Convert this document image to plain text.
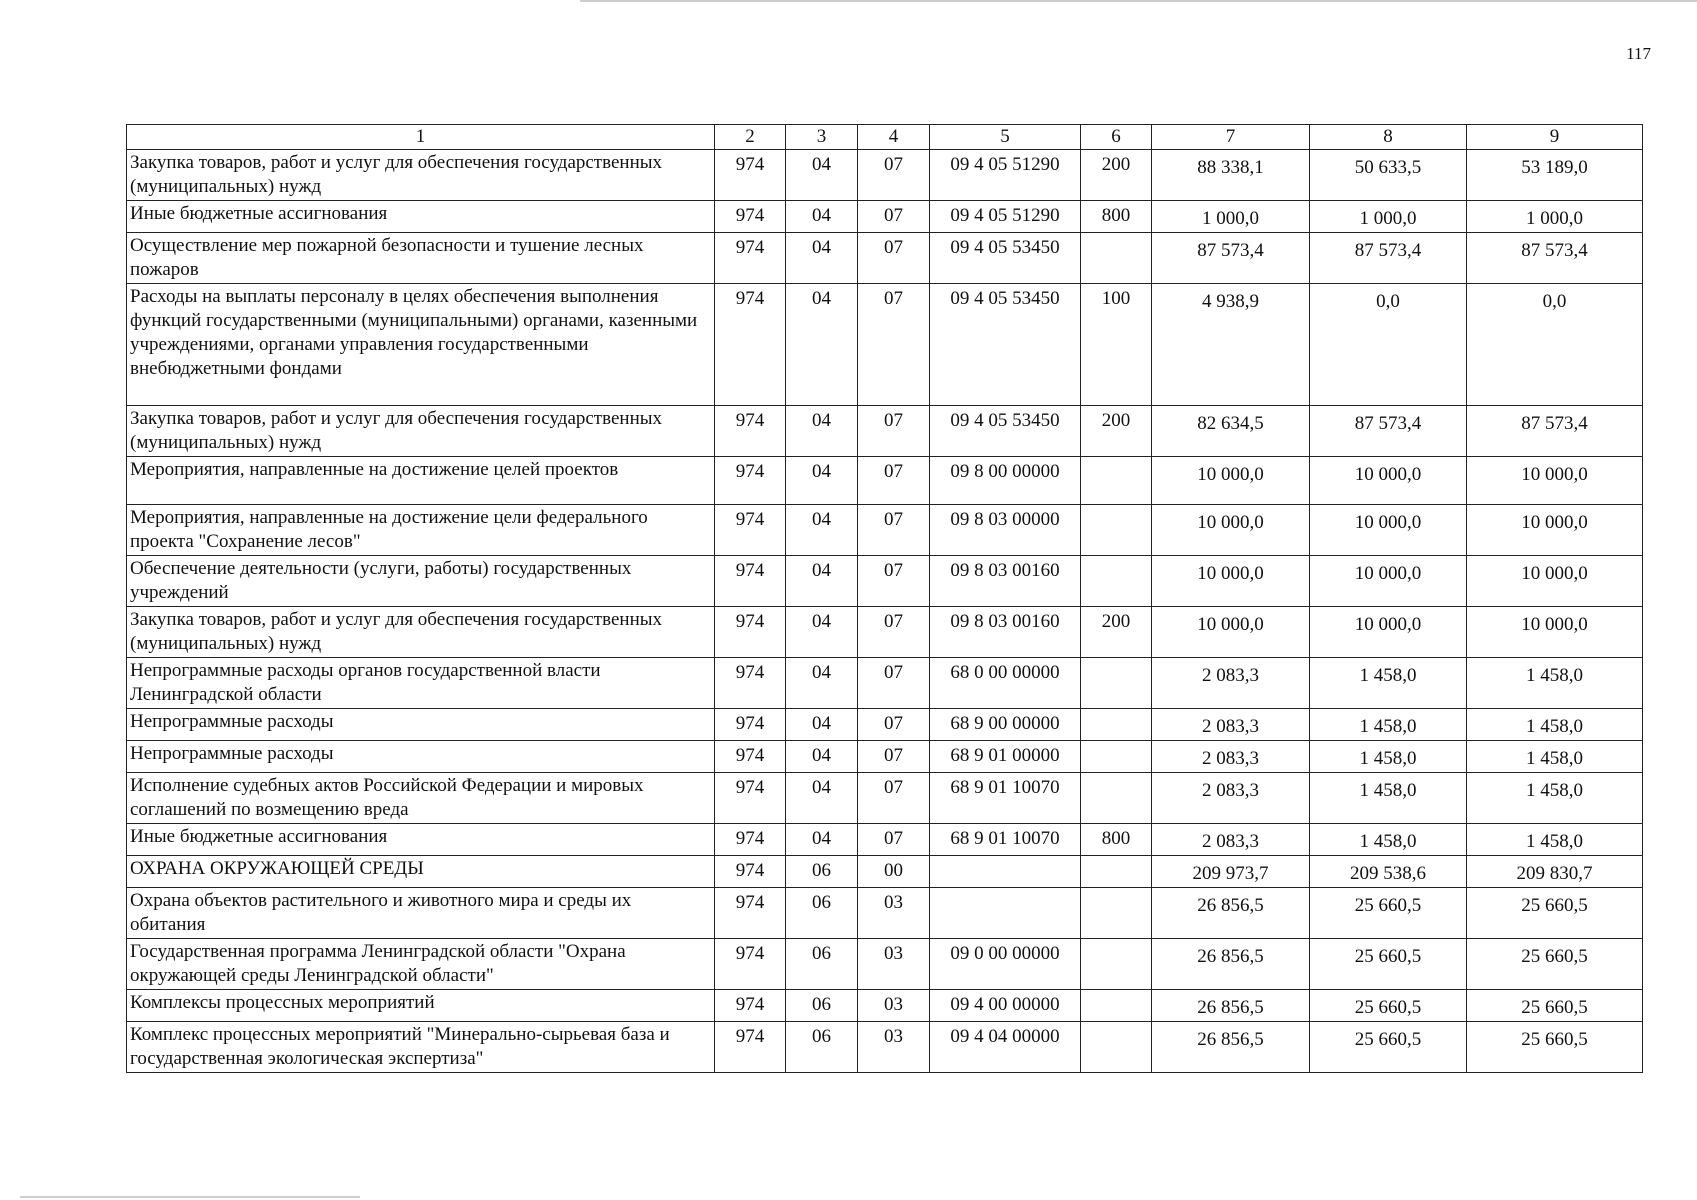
117
1	2	3	4	5	6	7	8	9
Закупка товаров, работ и услуг для обеспечения государственных (муниципальных) нужд	974	04	07	09 4 05 51290	200	88 338,1	50 633,5	53 189,0
Иные бюджетные ассигнования	974	04	07	09 4 05 51290	800	1 000,0	1 000,0	1 000,0
Осуществление мер пожарной безопасности и тушение лесных пожаров	974	04	07	09 4 05 53450		87 573,4	87 573,4	87 573,4
Расходы на выплаты персоналу в целях обеспечения выполнения функций государственными (муниципальными) органами, казенными учреждениями, органами управления государственными внебюджетными фондами	974	04	07	09 4 05 53450	100	4 938,9	0,0	0,0
Закупка товаров, работ и услуг для обеспечения государственных (муниципальных) нужд	974	04	07	09 4 05 53450	200	82 634,5	87 573,4	87 573,4
Мероприятия, направленные на достижение целей проектов	974	04	07	09 8 00 00000		10 000,0	10 000,0	10 000,0
Мероприятия, направленные на достижение цели федерального проекта "Сохранение лесов"	974	04	07	09 8 03 00000		10 000,0	10 000,0	10 000,0
Обеспечение деятельности (услуги, работы) государственных учреждений	974	04	07	09 8 03 00160		10 000,0	10 000,0	10 000,0
Закупка товаров, работ и услуг для обеспечения государственных (муниципальных) нужд	974	04	07	09 8 03 00160	200	10 000,0	10 000,0	10 000,0
Непрограммные расходы органов государственной власти Ленинградской области	974	04	07	68 0 00 00000		2 083,3	1 458,0	1 458,0
Непрограммные расходы	974	04	07	68 9 00 00000		2 083,3	1 458,0	1 458,0
Непрограммные расходы	974	04	07	68 9 01 00000		2 083,3	1 458,0	1 458,0
Исполнение судебных актов Российской Федерации и мировых соглашений по возмещению вреда	974	04	07	68 9 01 10070		2 083,3	1 458,0	1 458,0
Иные бюджетные ассигнования	974	04	07	68 9 01 10070	800	2 083,3	1 458,0	1 458,0
ОХРАНА ОКРУЖАЮЩЕЙ СРЕДЫ	974	06	00			209 973,7	209 538,6	209 830,7
Охрана объектов растительного и животного мира и среды их обитания	974	06	03			26 856,5	25 660,5	25 660,5
Государственная программа Ленинградской области "Охрана окружающей среды Ленинградской области"	974	06	03	09 0 00 00000		26 856,5	25 660,5	25 660,5
Комплексы процессных мероприятий	974	06	03	09 4 00 00000		26 856,5	25 660,5	25 660,5
Комплекс процессных мероприятий "Минерально-сырьевая база и государственная экологическая экспертиза"	974	06	03	09 4 04 00000		26 856,5	25 660,5	25 660,5
